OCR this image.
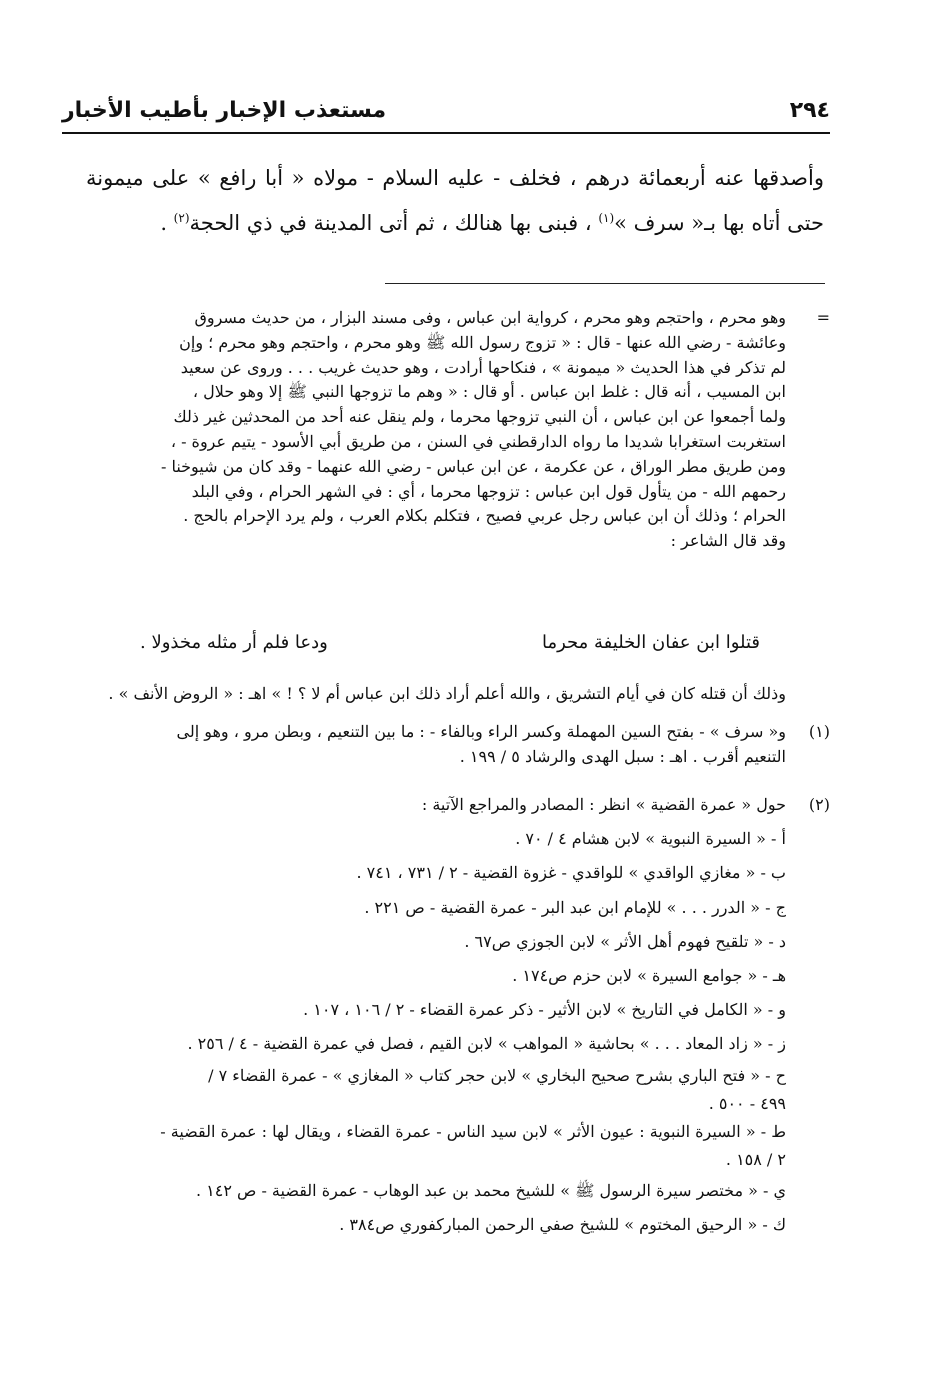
٢٩٤
مستعذب الإخبار بأطيب الأخبار

وأصدقها عنه أربعمائة درهم ، فخلف - عليه السلام - مولاه « أبا رافع » على ميمونة

حتى أتاه بها بـ« سرف »$^{(١)}$ ، فبنى بها هنالك ، ثم أتى المدينة في ذي الحجة$^{(٢)}$ .

=
وهو محرم ، واحتجم وهو محرم ، كرواية ابن عباس ، وفى مسند البزار ، من حديث مسروق
وعائشة - رضي الله عنها - قال : « تزوج رسول الله ﷺ وهو محرم ، واحتجم وهو محرم ؛ وإن
لم تذكر في هذا الحديث « ميمونة » ، فنكاحها أرادت ، وهو حديث غريب . . . وروى عن سعيد
ابن المسيب ، أنه قال : غلط ابن عباس . أو قال : « وهم ما تزوجها النبي ﷺ إلا وهو حلال ،
ولما أجمعوا عن ابن عباس ، أن النبي تزوجها محرما ، ولم ينقل عنه أحد من المحدثين غير ذلك
استغربت استغرابا شديدا ما رواه الدارقطني في السنن ، من طريق أبي الأسود - يتيم عروة - ،
ومن طريق مطر الوراق ، عن عكرمة ، عن ابن عباس - رضي الله عنهما - وقد كان من شيوخنا -
رحمهم الله - من يتأول قول ابن عباس : تزوجها محرما ، أي : في الشهر الحرام ، وفي البلد
الحرام ؛ وذلك أن ابن عباس رجل عربي فصيح ، فتكلم بكلام العرب ، ولم يرد الإحرام بالحج .
وقد قال الشاعر :
قتلوا ابن عفان الخليفة محرما
ودعا فلم أر مثله مخذولا .
وذلك أن قتله كان في أيام التشريق ، والله أعلم أراد ذلك ابن عباس أم لا ؟ ! » اهـ : « الروض الأنف » .
(١)
و« سرف » - بفتح السين المهملة وكسر الراء وبالفاء - : ما بين التنعيم ، وبطن مرو ، وهو إلى
التنعيم أقرب . اهـ : سبل الهدى والرشاد ٥ / ١٩٩ .
(٢)
حول « عمرة القضية » انظر : المصادر والمراجع الآتية :
أ - « السيرة النبوية » لابن هشام ٤ / ٧٠ .
ب - « مغازي الواقدي » للواقدي - غزوة القضية - ٢ / ٧٣١ ، ٧٤١ .
ج - « الدرر . . . » للإمام ابن عبد البر - عمرة القضية - ص ٢٢١ .
د - « تلقيح فهوم أهل الأثر » لابن الجوزي ص٦٧ .
هـ - « جوامع السيرة » لابن حزم ص١٧٤ .
و - « الكامل في التاريخ » لابن الأثير - ذكر عمرة القضاء - ٢ / ١٠٦ ، ١٠٧ .
ز - « زاد المعاد . . . » بحاشية « المواهب » لابن القيم ، فصل في عمرة القضية - ٤ / ٢٥٦ .
ح - « فتح الباري بشرح صحيح البخاري » لابن حجر كتاب « المغازي » - عمرة القضاء ٧ /
٤٩٩ - ٥٠٠ .
ط - « السيرة النبوية : عيون الأثر » لابن سيد الناس - عمرة القضاء ، ويقال لها : عمرة القضية -
٢ / ١٥٨ .
ي - « مختصر سيرة الرسول ﷺ » للشيخ محمد بن عبد الوهاب - عمرة القضية - ص ١٤٢ .
ك - « الرحيق المختوم » للشيخ صفي الرحمن المباركفوري ص٣٨٤ .
